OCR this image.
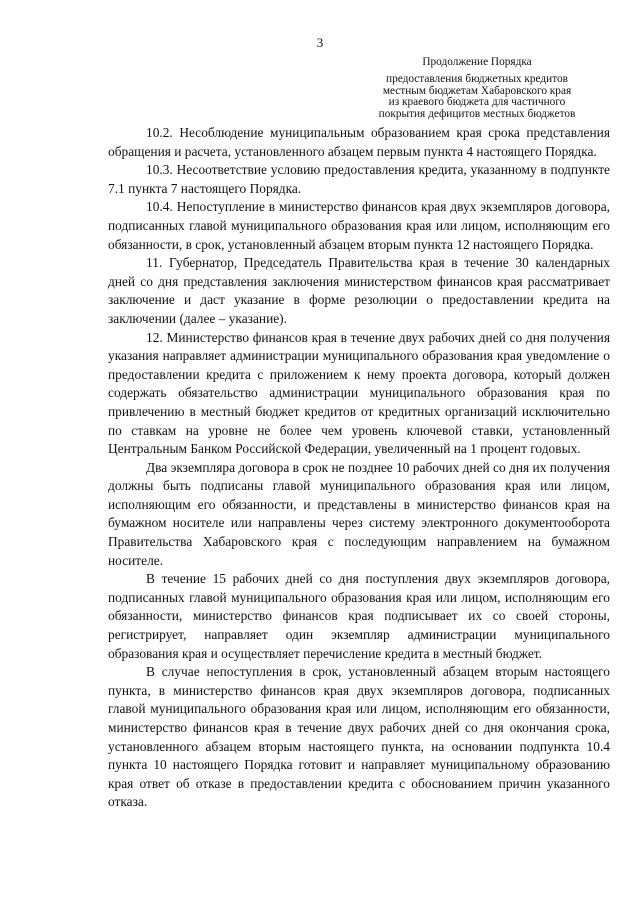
3
Продолжение Порядка
предоставления бюджетных кредитов
местным бюджетам Хабаровского края
из краевого бюджета для частичного
покрытия дефицитов местных бюджетов

10.2. Несоблюдение муниципальным образованием края срока представления обращения и расчета, установленного абзацем первым пункта 4 настоящего Порядка.

10.3. Несоответствие условию предоставления кредита, указанному в подпункте 7.1 пункта 7 настоящего Порядка.

10.4. Непоступление в министерство финансов края двух экземпляров договора, подписанных главой муниципального образования края или лицом, исполняющим его обязанности, в срок, установленный абзацем вторым пункта 12 настоящего Порядка.

11. Губернатор, Председатель Правительства края в течение 30 календарных дней со дня представления заключения министерством финансов края рассматривает заключение и даст указание в форме резолюции о предоставлении кредита на заключении (далее – указание).

12. Министерство финансов края в течение двух рабочих дней со дня получения указания направляет администрации муниципального образования края уведомление о предоставлении кредита с приложением к нему проекта договора, который должен содержать обязательство администрации муниципального образования края по привлечению в местный бюджет кредитов от кредитных организаций исключительно по ставкам на уровне не более чем уровень ключевой ставки, установленный Центральным Банком Российской Федерации, увеличенный на 1 процент годовых.

Два экземпляра договора в срок не позднее 10 рабочих дней со дня их получения должны быть подписаны главой муниципального образования края или лицом, исполняющим его обязанности, и представлены в министерство финансов края на бумажном носителе или направлены через систему электронного документооборота Правительства Хабаровского края с последующим направлением на бумажном носителе.

В течение 15 рабочих дней со дня поступления двух экземпляров договора, подписанных главой муниципального образования края или лицом, исполняющим его обязанности, министерство финансов края подписывает их со своей стороны, регистрирует, направляет один экземпляр администрации муниципального образования края и осуществляет перечисление кредита в местный бюджет.

В случае непоступления в срок, установленный абзацем вторым настоящего пункта, в министерство финансов края двух экземпляров договора, подписанных главой муниципального образования края или лицом, исполняющим его обязанности, министерство финансов края в течение двух рабочих дней со дня окончания срока, установленного абзацем вторым настоящего пункта, на основании подпункта 10.4 пункта 10 настоящего Порядка готовит и направляет муниципальному образованию края ответ об отказе в предоставлении кредита с обоснованием причин указанного отказа.
